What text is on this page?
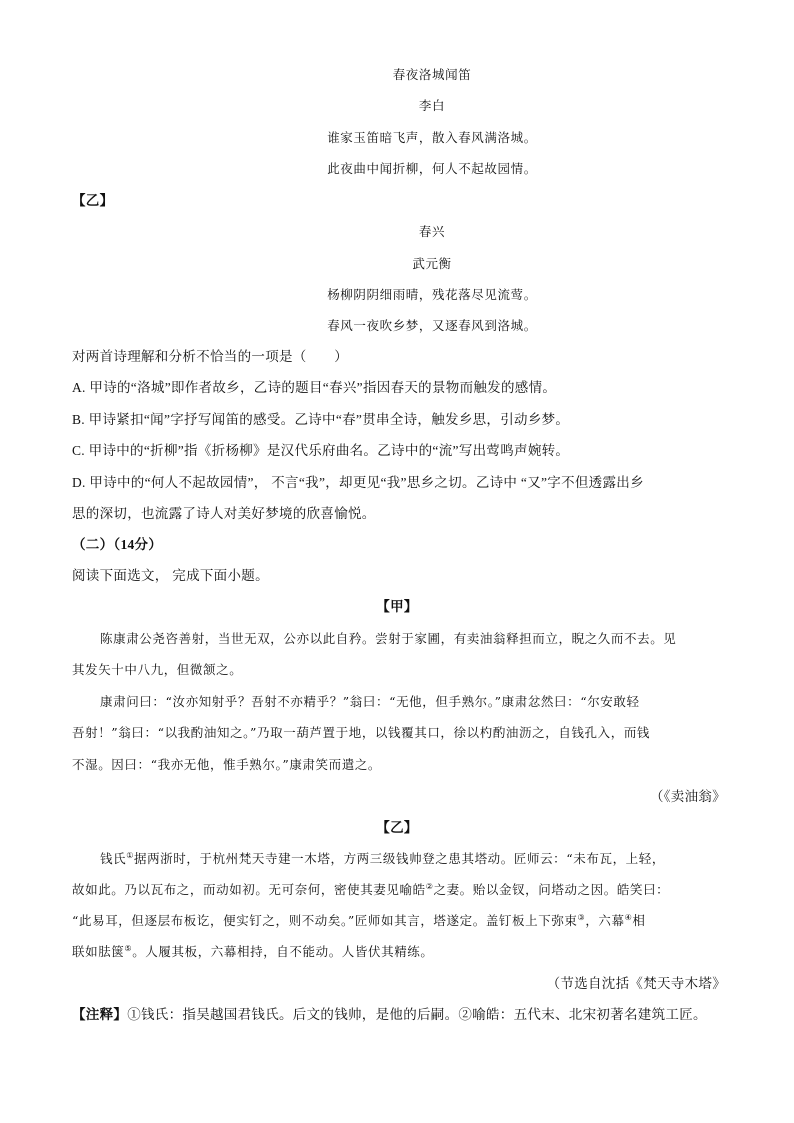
春夜洛城闻笛
李白
谁家玉笛暗飞声，散入春风满洛城。
此夜曲中闻折柳，何人不起故园情。
【乙】
春兴
武元衡
杨柳阴阴细雨晴，残花落尽见流莺。
春风一夜吹乡梦，又逐春风到洛城。
对两首诗理解和分析不恰当的一项是（　　）
A. 甲诗的“洛城”即作者故乡，乙诗的题目“春兴”指因春天的景物而触发的感情。
B. 甲诗紧扣“闻”字抒写闻笛的感受。乙诗中“春”贯串全诗，触发乡思，引动乡梦。
C. 甲诗中的“折柳”指《折杨柳》是汉代乐府曲名。乙诗中的“流”写出莺鸣声婉转。
D. 甲诗中的“何人不起故园情”， 不言“我”，却更见“我”思乡之切。乙诗中 “又”字不但透露出乡
思的深切，也流露了诗人对美好梦境的欣喜愉悦。
（二）（14分）
阅读下面选文， 完成下面小题。
【甲】
陈康肃公尧咨善射，当世无双，公亦以此自矜。尝射于家圃，有卖油翁释担而立，睨之久而不去。见
其发矢十中八九，但微颔之。
康肃问曰：“汝亦知射乎？吾射不亦精乎？”翁曰：“无他，但手熟尔。”康肃忿然曰：“尔安敢轻
吾射！”翁曰：“以我酌油知之。”乃取一葫芦置于地，以钱覆其口，徐以杓酌油沥之，自钱孔入，而钱
不湿。因曰：“我亦无他，惟手熟尔。”康肃笑而遣之。
（《卖油翁》
【乙】
钱氏①据两浙时，于杭州梵天寺建一木塔，方两三级钱帅登之患其塔动。匠师云：“未布瓦，上轻，
故如此。乃以瓦布之，而动如初。无可奈何，密使其妻见喻皓②之妻。贻以金钗，问塔动之因。皓笑曰：
“此易耳，但逐层布板讫，便实钉之，则不动矣。”匠师如其言，塔遂定。盖钉板上下弥束③，六幕④相
联如胠箧⑤。人履其板，六幕相持，自不能动。人皆伏其精练。
（节选自沈括《梵天寺木塔》
【注释】①钱氏：指吴越国君钱氏。后文的钱帅，是他的后嗣。②喻皓：五代末、北宋初著名建筑工匠。
